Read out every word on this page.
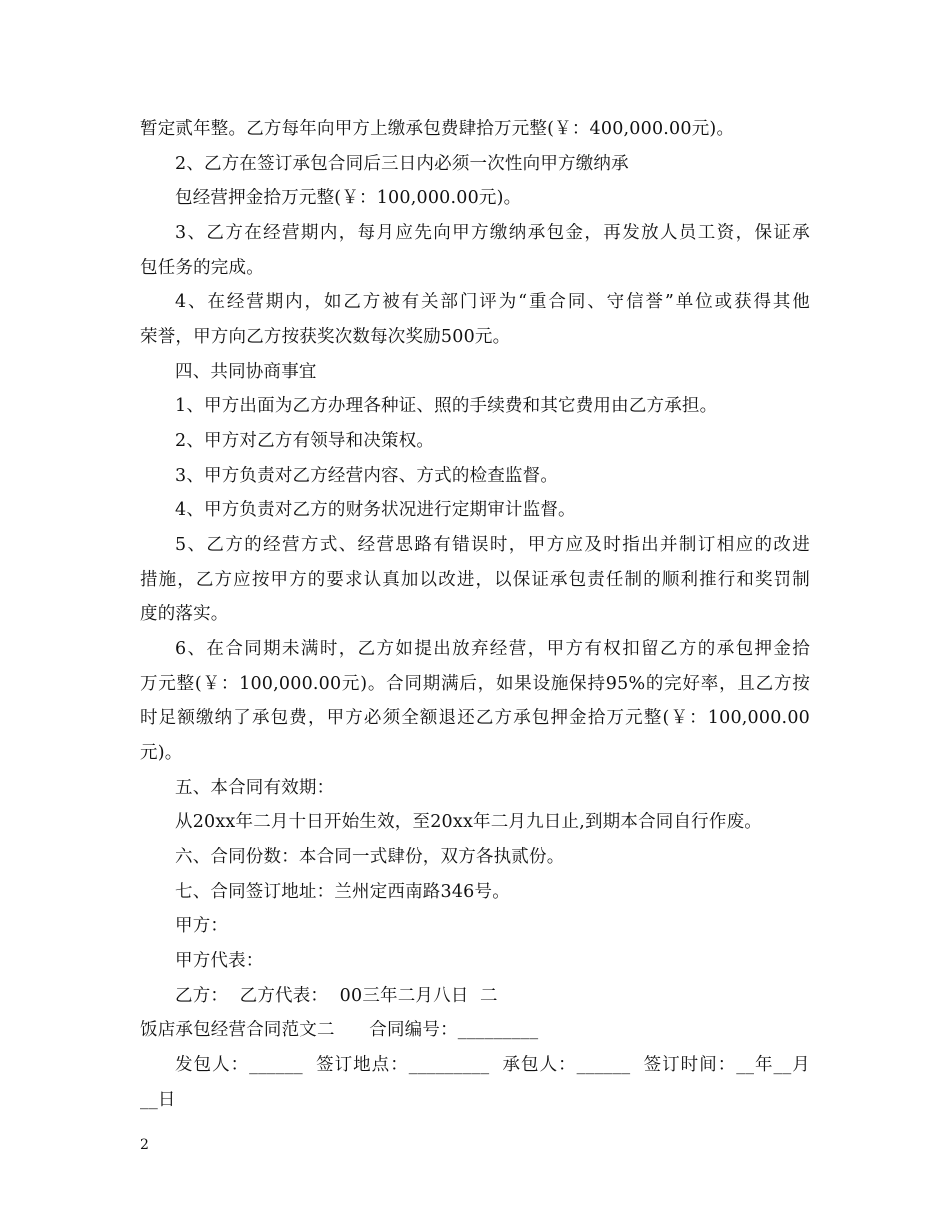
暂定贰年整。乙方每年向甲方上缴承包费肆拾万元整(￥：400,000.00元)。
2、乙方在签订承包合同后三日内必须一次性向甲方缴纳承
包经营押金拾万元整(￥：100,000.00元)。
3、乙方在经营期内，每月应先向甲方缴纳承包金，再发放人员工资，保证承
包任务的完成。
4、在经营期内，如乙方被有关部门评为“重合同、守信誉”单位或获得其他
荣誉，甲方向乙方按获奖次数每次奖励500元。
四、共同协商事宜
1、甲方出面为乙方办理各种证、照的手续费和其它费用由乙方承担。
2、甲方对乙方有领导和决策权。
3、甲方负责对乙方经营内容、方式的检查监督。
4、甲方负责对乙方的财务状况进行定期审计监督。
5、乙方的经营方式、经营思路有错误时，甲方应及时指出并制订相应的改进
措施，乙方应按甲方的要求认真加以改进，以保证承包责任制的顺利推行和奖罚制
度的落实。
6、在合同期未满时，乙方如提出放弃经营，甲方有权扣留乙方的承包押金拾
万元整(￥：100,000.00元)。合同期满后，如果设施保持95%的完好率，且乙方按
时足额缴纳了承包费，甲方必须全额退还乙方承包押金拾万元整(￥：100,000.00
元)。
五、本合同有效期：
从20xx年二月十日开始生效，至20xx年二月九日止,到期本合同自行作废。
六、合同份数：本合同一式肆份，双方各执贰份。
七、合同签订地址：兰州定西南路346号。
甲方：
甲方代表：
乙方：  乙方代表：  00三年二月八日  二
饭店承包经营合同范文二      合同编号：_________
发包人：______  签订地点：_________  承包人：______  签订时间：__年__月
__日
2
